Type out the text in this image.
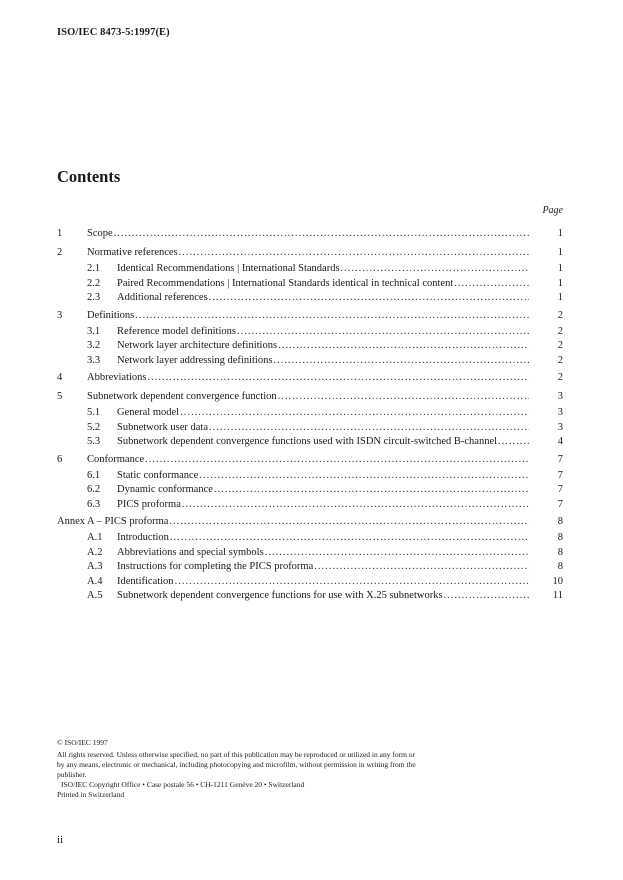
ISO/IEC 8473-5:1997(E)
Contents
Page
1 Scope .....	1
2 Normative references .....	1
2.1 Identical Recommendations | International Standards .....	1
2.2 Paired Recommendations | International Standards identical in technical content .....	1
2.3 Additional references .....	1
3 Definitions .....	2
3.1 Reference model definitions .....	2
3.2 Network layer architecture definitions .....	2
3.3 Network layer addressing definitions .....	2
4 Abbreviations .....	2
5 Subnetwork dependent convergence function .....	3
5.1 General model .....	3
5.2 Subnetwork user data .....	3
5.3 Subnetwork dependent convergence functions used with ISDN circuit-switched B-channel .....	4
6 Conformance .....	7
6.1 Static conformance .....	7
6.2 Dynamic conformance .....	7
6.3 PICS proforma .....	7
Annex A – PICS proforma .....	8
A.1 Introduction .....	8
A.2 Abbreviations and special symbols .....	8
A.3 Instructions for completing the PICS proforma .....	8
A.4 Identification .....	10
A.5 Subnetwork dependent convergence functions for use with X.25 subnetworks .....	11
© ISO/IEC 1997
All rights reserved. Unless otherwise specified, no part of this publication may be reproduced or utilized in any form or by any means, electronic or mechanical, including photocopying and microfilm, without permission in writing from the publisher.
ISO/IEC Copyright Office • Case postale 56 • CH-1211 Genève 20 • Switzerland
Printed in Switzerland
ii
